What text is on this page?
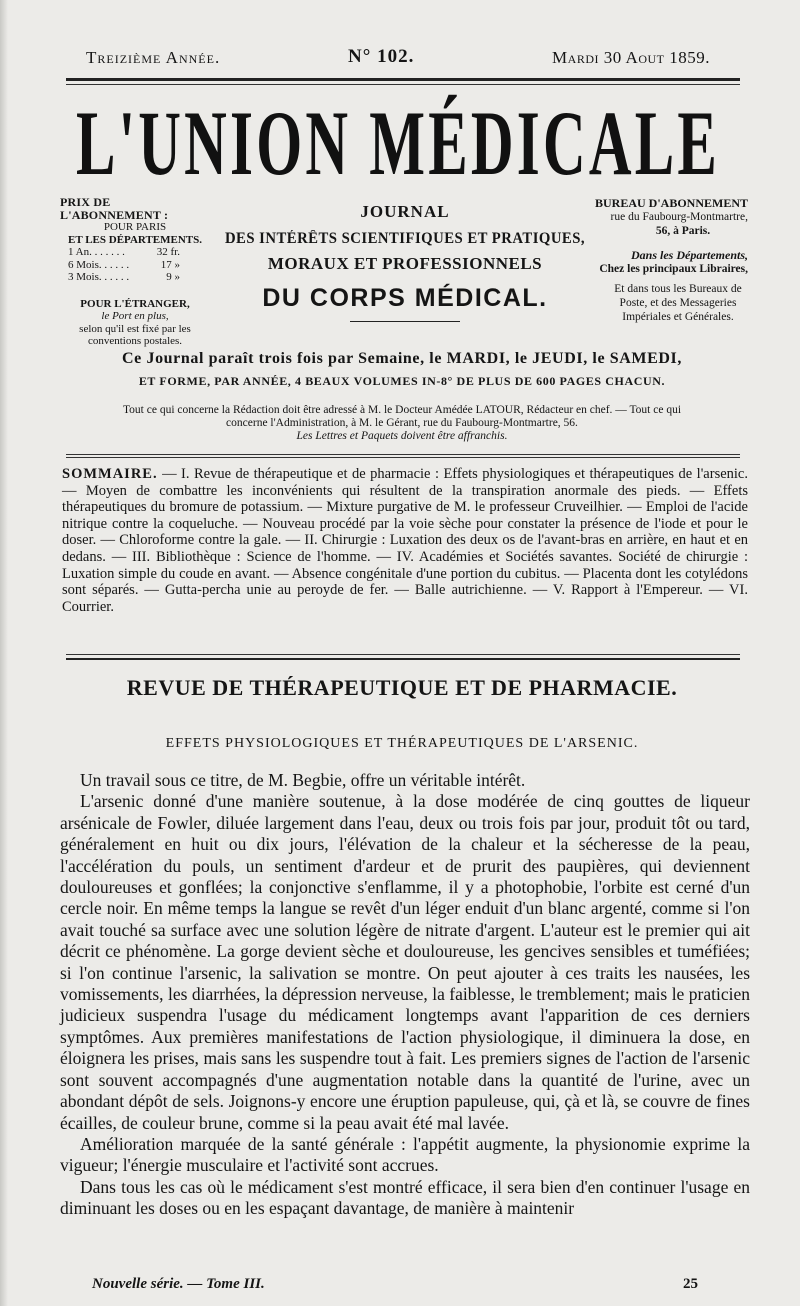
Treizième Année.	N° 102.	Mardi 30 Aout 1859.
L'UNION MÉDICALE
PRIX DE L'ABONNEMENT :
POUR PARIS
ET LES DÉPARTEMENTS.
1 An. . . . . . .	32 fr.
6 Mois. . . . . .	17 »
3 Mois. . . . . .	9 »
POUR L'ÉTRANGER,
le Port en plus,
selon qu'il est fixé par les
conventions postales.
JOURNAL
DES INTÉRÊTS SCIENTIFIQUES ET PRATIQUES,
MORAUX ET PROFESSIONNELS
DU CORPS MÉDICAL.
BUREAU D'ABONNEMENT
rue du Faubourg-Montmartre,
56, à Paris.
Dans les Départements,
Chez les principaux Libraires,
Et dans tous les Bureaux de
Poste, et des Messageries
Impériales et Générales.
Ce Journal paraît trois fois par Semaine, le MARDI, le JEUDI, le SAMEDI,
ET FORME, PAR ANNÉE, 4 BEAUX VOLUMES IN-8° DE PLUS DE 600 PAGES CHACUN.
Tout ce qui concerne la Rédaction doit être adressé à M. le Docteur Amédée LATOUR, Rédacteur en chef. — Tout ce qui
concerne l'Administration, à M. le Gérant, rue du Faubourg-Montmartre, 56.
Les Lettres et Paquets doivent être affranchis.
SOMMAIRE. — I. Revue de thérapeutique et de pharmacie : Effets physiologiques et thérapeutiques de l'arsenic. — Moyen de combattre les inconvénients qui résultent de la transpiration anormale des pieds. — Effets thérapeutiques du bromure de potassium. — Mixture purgative de M. le professeur Cruveilhier. — Emploi de l'acide nitrique contre la coqueluche. — Nouveau procédé par la voie sèche pour constater la présence de l'iode et pour le doser. — Chloroforme contre la gale. — II. Chirurgie : Luxation des deux os de l'avant-bras en arrière, en haut et en dedans. — III. Bibliothèque : Science de l'homme. — IV. Académies et Sociétés savantes. Société de chirurgie : Luxation simple du coude en avant. — Absence congénitale d'une portion du cubitus. — Placenta dont les cotylédons sont séparés. — Gutta-percha unie au peroyde de fer. — Balle autrichienne. — V. Rapport à l'Empereur. — VI. Courrier.
REVUE DE THÉRAPEUTIQUE ET DE PHARMACIE.
EFFETS PHYSIOLOGIQUES ET THÉRAPEUTIQUES DE L'ARSENIC.

Un travail sous ce titre, de M. Begbie, offre un véritable intérêt.

L'arsenic donné d'une manière soutenue, à la dose modérée de cinq gouttes de liqueur arsénicale de Fowler, diluée largement dans l'eau, deux ou trois fois par jour, produit tôt ou tard, généralement en huit ou dix jours, l'élévation de la chaleur et la sécheresse de la peau, l'accélération du pouls, un sentiment d'ardeur et de prurit des paupières, qui deviennent douloureuses et gonflées; la conjonctive s'enflamme, il y a photophobie, l'orbite est cerné d'un cercle noir. En même temps la langue se revêt d'un léger enduit d'un blanc argenté, comme si l'on avait touché sa surface avec une solution légère de nitrate d'argent. L'auteur est le premier qui ait décrit ce phénomène. La gorge devient sèche et douloureuse, les gencives sensibles et tuméfiées; si l'on continue l'arsenic, la salivation se montre. On peut ajouter à ces traits les nausées, les vomissements, les diarrhées, la dépression nerveuse, la faiblesse, le tremblement; mais le praticien judicieux suspendra l'usage du médicament longtemps avant l'apparition de ces derniers symptômes. Aux premières manifestations de l'action physiologique, il diminuera la dose, en éloignera les prises, mais sans les suspendre tout à fait. Les premiers signes de l'action de l'arsenic sont souvent accompagnés d'une augmentation notable dans la quantité de l'urine, avec un abondant dépôt de sels. Joignons-y encore une éruption papuleuse, qui, çà et là, se couvre de fines écailles, de couleur brune, comme si la peau avait été mal lavée.

Amélioration marquée de la santé générale : l'appétit augmente, la physionomie exprime la vigueur; l'énergie musculaire et l'activité sont accrues.

Dans tous les cas où le médicament s'est montré efficace, il sera bien d'en continuer l'usage en diminuant les doses ou en les espaçant davantage, de manière à maintenir

Nouvelle série. — Tome III.	25
